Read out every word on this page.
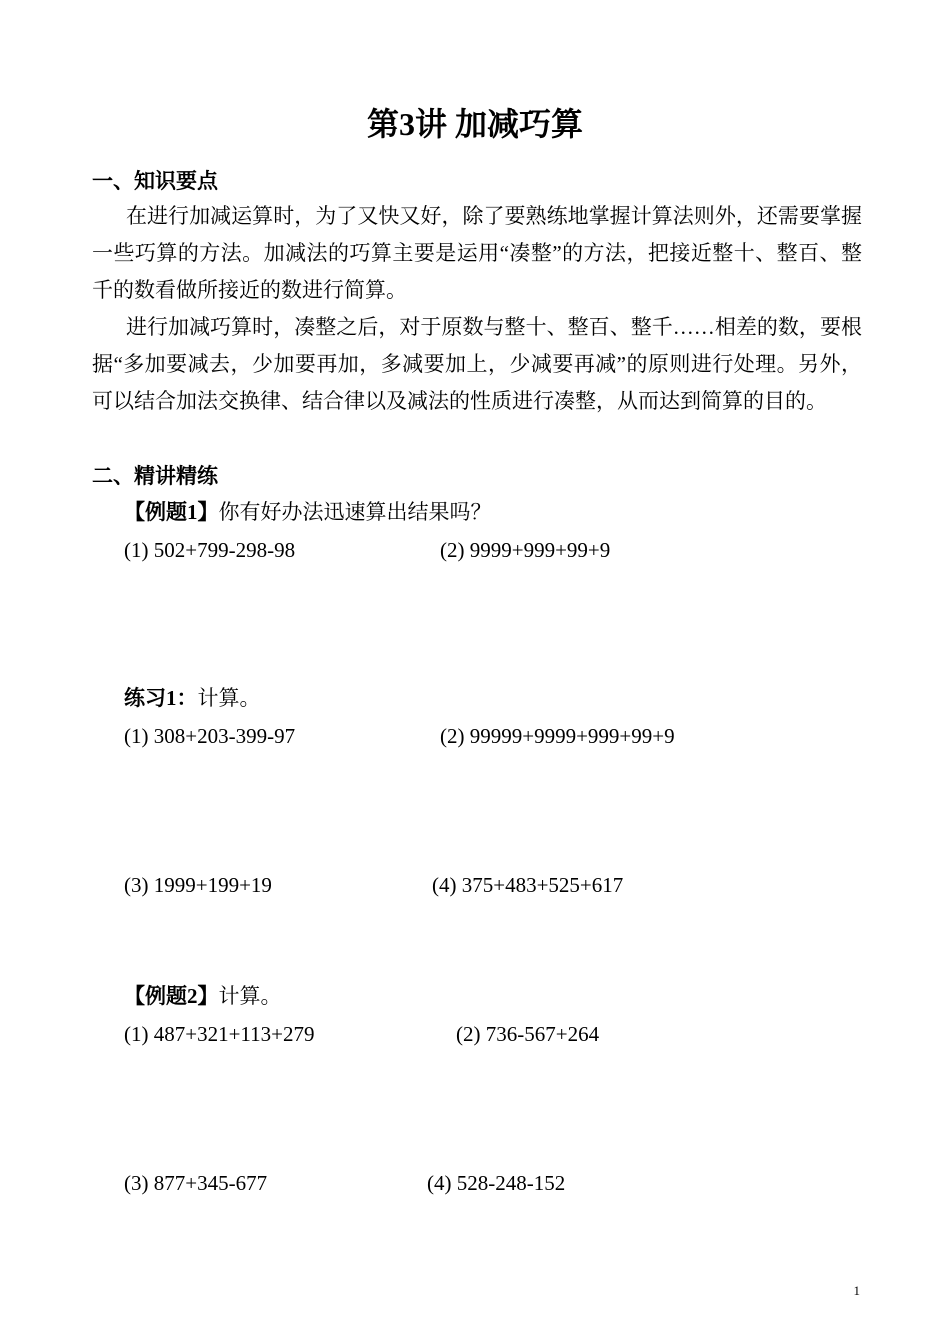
第3讲 加减巧算
一、知识要点

在进行加减运算时，为了又快又好，除了要熟练地掌握计算法则外，还需要掌握一些巧算的方法。加减法的巧算主要是运用“凑整”的方法，把接近整十、整百、整千的数看做所接近的数进行简算。

进行加减巧算时，凑整之后，对于原数与整十、整百、整千……相差的数，要根据“多加要减去，少加要再加，多减要加上，少减要再减”的原则进行处理。另外，可以结合加法交换律、结合律以及减法的性质进行凑整，从而达到简算的目的。

二、精讲精练
【例题1】你有好办法迅速算出结果吗？
(1) 502+799-298-98	(2) 9999+999+99+9
练习1：计算。
(1) 308+203-399-97	(2) 99999+9999+999+99+9
(3) 1999+199+19	(4) 375+483+525+617
【例题2】计算。
(1) 487+321+113+279	(2) 736-567+264
(3) 877+345-677	(4) 528-248-152
1
